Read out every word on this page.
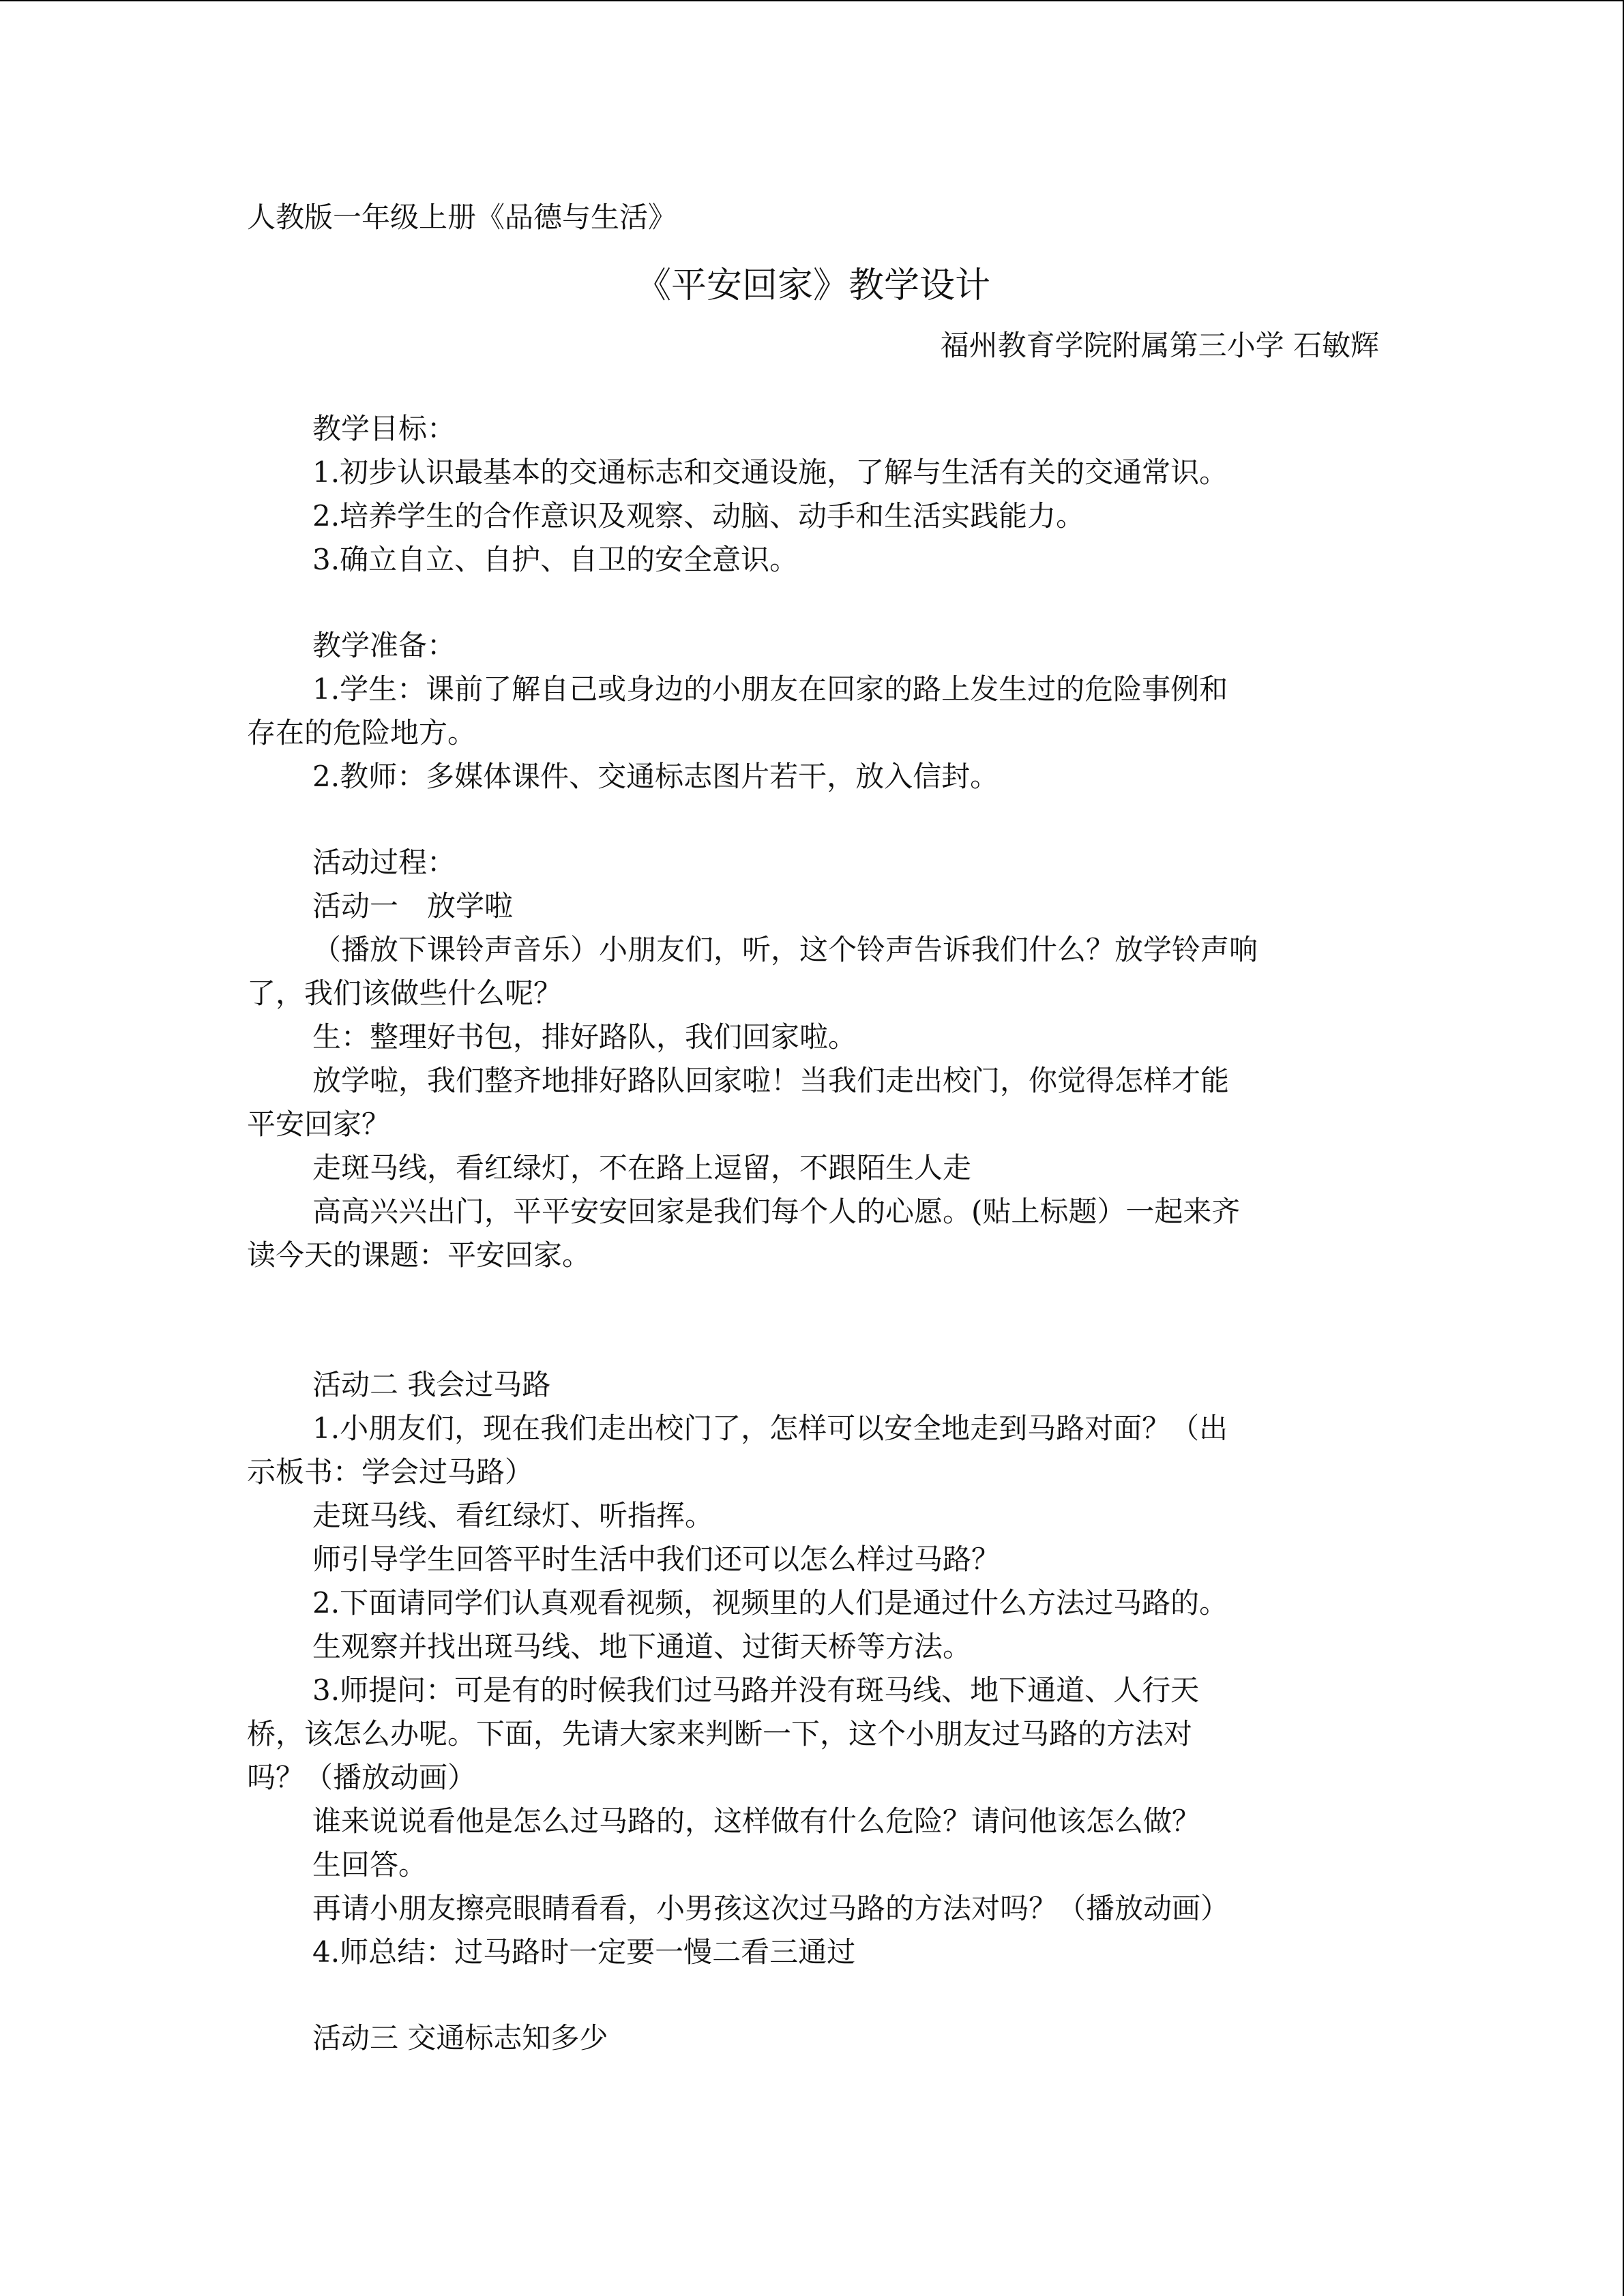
人教版一年级上册《品德与生活》
《平安回家》教学设计
福州教育学院附属第三小学 石敏辉
教学目标：
1.初步认识最基本的交通标志和交通设施，了解与生活有关的交通常识。
2.培养学生的合作意识及观察、动脑、动手和生活实践能力。
3.确立自立、自护、自卫的安全意识。
教学准备：
1.学生：课前了解自己或身边的小朋友在回家的路上发生过的危险事例和
存在的危险地方。
2.教师：多媒体课件、交通标志图片若干，放入信封。
活动过程：
活动一　放学啦
（播放下课铃声音乐）小朋友们，听，这个铃声告诉我们什么？放学铃声响
了，我们该做些什么呢？
生：整理好书包，排好路队，我们回家啦。
放学啦，我们整齐地排好路队回家啦！当我们走出校门，你觉得怎样才能
平安回家？
走斑马线，看红绿灯，不在路上逗留，不跟陌生人走
高高兴兴出门，平平安安回家是我们每个人的心愿。(贴上标题）一起来齐
读今天的课题：平安回家。
活动二 我会过马路
1.小朋友们，现在我们走出校门了，怎样可以安全地走到马路对面？（出
示板书：学会过马路）
走斑马线、看红绿灯、听指挥。
师引导学生回答平时生活中我们还可以怎么样过马路？
2.下面请同学们认真观看视频，视频里的人们是通过什么方法过马路的。
生观察并找出斑马线、地下通道、过街天桥等方法。
3.师提问：可是有的时候我们过马路并没有斑马线、地下通道、人行天
桥，该怎么办呢。下面，先请大家来判断一下，这个小朋友过马路的方法对
吗？（播放动画）
谁来说说看他是怎么过马路的，这样做有什么危险？请问他该怎么做？
生回答。
再请小朋友擦亮眼睛看看，小男孩这次过马路的方法对吗？（播放动画）
4.师总结：过马路时一定要一慢二看三通过
活动三 交通标志知多少
